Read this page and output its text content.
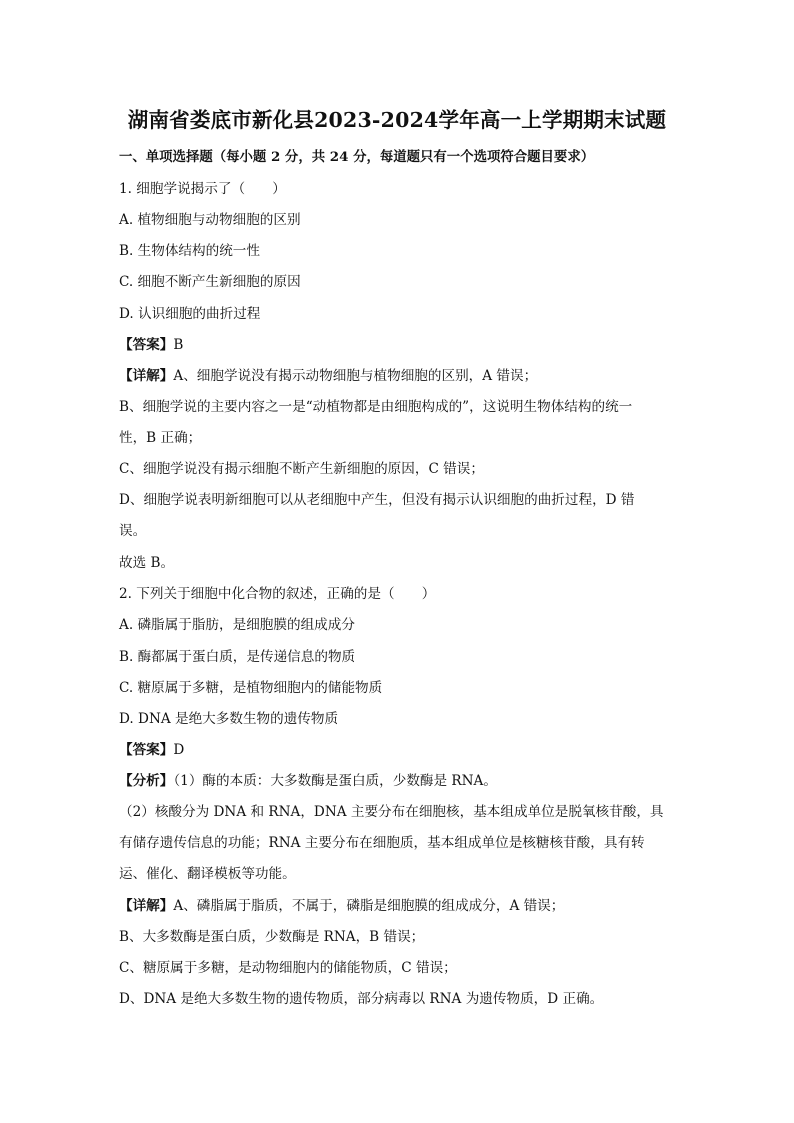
湖南省娄底市新化县2023-2024学年高一上学期期末试题
一、单项选择题（每小题 2 分，共 24 分，每道题只有一个选项符合题目要求）
1. 细胞学说揭示了（　　）
A. 植物细胞与动物细胞的区别
B. 生物体结构的统一性
C. 细胞不断产生新细胞的原因
D. 认识细胞的曲折过程
【答案】B
【详解】A、细胞学说没有揭示动物细胞与植物细胞的区别，A 错误；
B、细胞学说的主要内容之一是“动植物都是由细胞构成的”，这说明生物体结构的统一
性，B 正确；
C、细胞学说没有揭示细胞不断产生新细胞的原因，C 错误；
D、细胞学说表明新细胞可以从老细胞中产生，但没有揭示认识细胞的曲折过程，D 错
误。
故选 B。
2. 下列关于细胞中化合物的叙述，正确的是（　　）
A. 磷脂属于脂肪，是细胞膜的组成成分
B. 酶都属于蛋白质，是传递信息的物质
C. 糖原属于多糖，是植物细胞内的储能物质
D. DNA 是绝大多数生物的遗传物质
【答案】D
【分析】（1）酶的本质：大多数酶是蛋白质，少数酶是 RNA。
（2）核酸分为 DNA 和 RNA，DNA 主要分布在细胞核，基本组成单位是脱氧核苷酸，具
有储存遗传信息的功能；RNA 主要分布在细胞质，基本组成单位是核糖核苷酸，具有转
运、催化、翻译模板等功能。
【详解】A、磷脂属于脂质，不属于，磷脂是细胞膜的组成成分，A 错误；
B、大多数酶是蛋白质，少数酶是 RNA，B 错误；
C、糖原属于多糖，是动物细胞内的储能物质，C 错误；
D、DNA 是绝大多数生物的遗传物质，部分病毒以 RNA 为遗传物质，D 正确。
